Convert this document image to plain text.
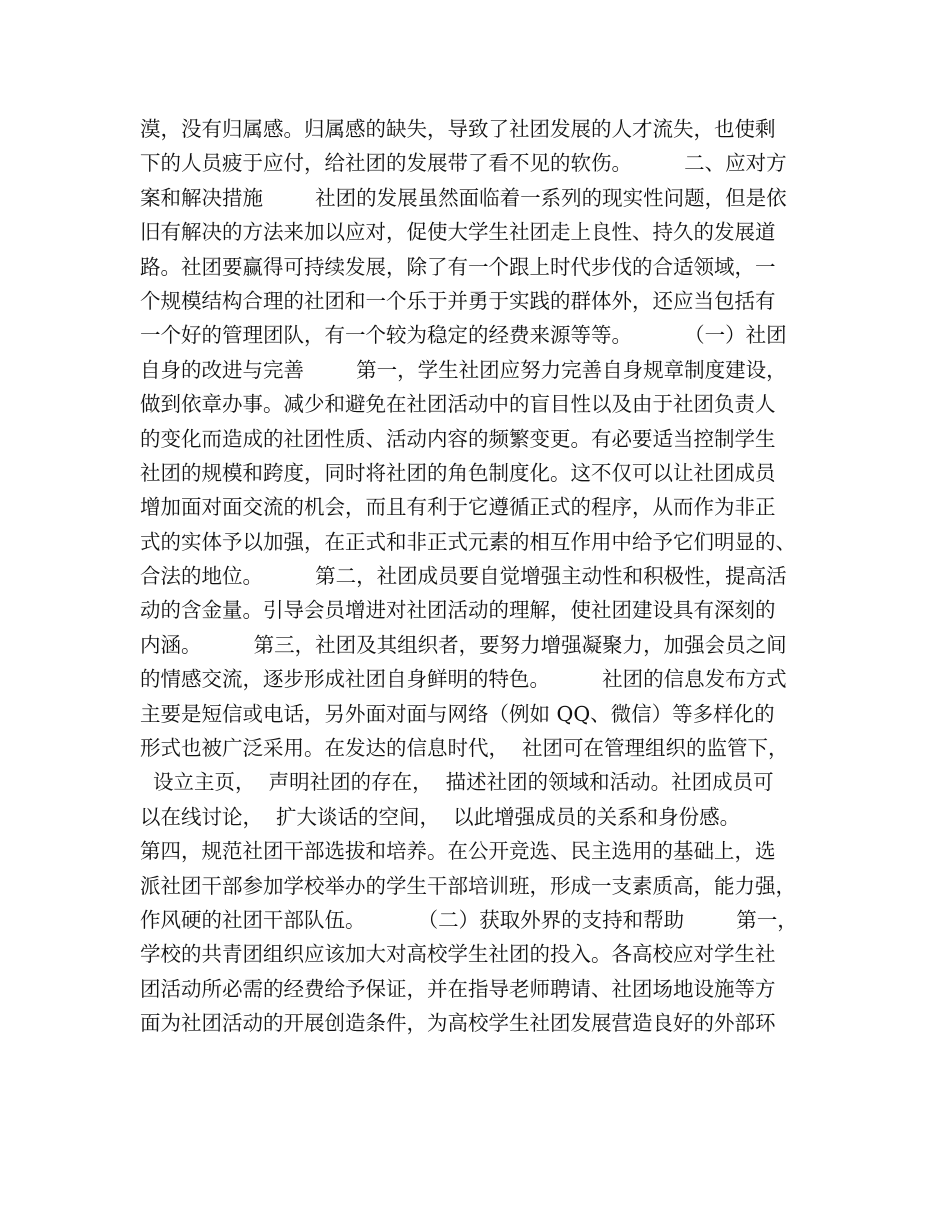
漠，没有归属感。归属感的缺失，导致了社团发展的人才流失，也使剩
下的人员疲于应付，给社团的发展带了看不见的软伤。        二、应对方
案和解决措施        社团的发展虽然面临着一系列的现实性问题，但是依
旧有解决的方法来加以应对，促使大学生社团走上良性、持久的发展道
路。社团要赢得可持续发展，除了有一个跟上时代步伐的合适领域，一
个规模结构合理的社团和一个乐于并勇于实践的群体外，还应当包括有
一个好的管理团队，有一个较为稳定的经费来源等等。        （一）社团
自身的改进与完善        第一，学生社团应努力完善自身规章制度建设，
做到依章办事。减少和避免在社团活动中的盲目性以及由于社团负责人
的变化而造成的社团性质、活动内容的频繁变更。有必要适当控制学生
社团的规模和跨度，同时将社团的角色制度化。这不仅可以让社团成员
增加面对面交流的机会，而且有利于它遵循正式的程序，从而作为非正
式的实体予以加强，在正式和非正式元素的相互作用中给予它们明显的、
合法的地位。        第二，社团成员要自觉增强主动性和积极性，提高活
动的含金量。引导会员增进对社团活动的理解，使社团建设具有深刻的
内涵。        第三，社团及其组织者，要努力增强凝聚力，加强会员之间
的情感交流，逐步形成社团自身鲜明的特色。        社团的信息发布方式
主要是短信或电话，另外面对面与网络（例如 QQ、微信）等多样化的
形式也被广泛采用。在发达的信息时代，  社团可在管理组织的监管下，
设立主页，  声明社团的存在，  描述社团的领域和活动。社团成员可
以在线讨论，  扩大谈话的空间，  以此增强成员的关系和身份感。
第四，规范社团干部选拔和培养。在公开竞选、民主选用的基础上，选
派社团干部参加学校举办的学生干部培训班，形成一支素质高，能力强，
作风硬的社团干部队伍。        （二）获取外界的支持和帮助        第一，
学校的共青团组织应该加大对高校学生社团的投入。各高校应对学生社
团活动所必需的经费给予保证，并在指导老师聘请、社团场地设施等方
面为社团活动的开展创造条件，为高校学生社团发展营造良好的外部环
